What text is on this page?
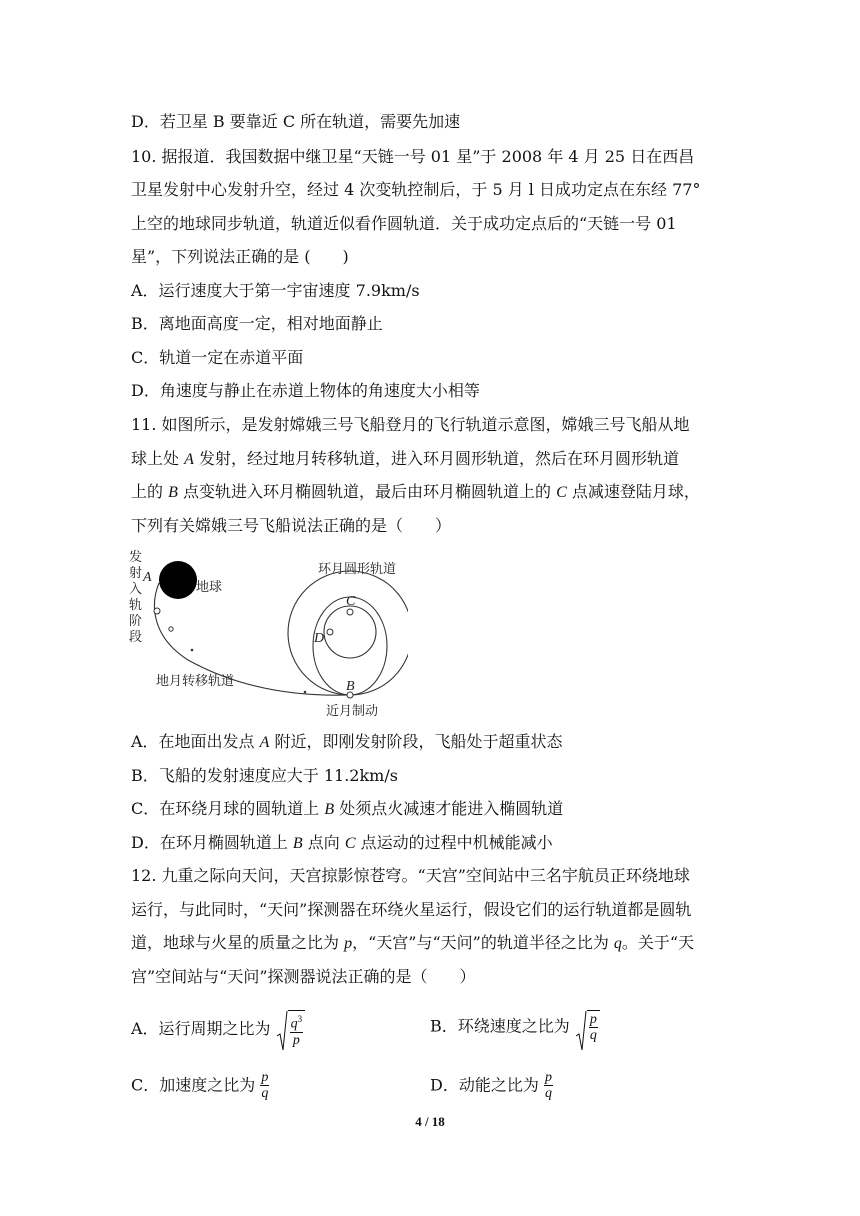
D．若卫星 B 要靠近 C 所在轨道，需要先加速
10. 据报道．我国数据中继卫星“天链一号 01 星”于 2008 年 4 月 25 日在西昌
卫星发射中心发射升空，经过 4 次变轨控制后，于 5 月 l 日成功定点在东经 77°
上空的地球同步轨道，轨道近似看作圆轨道．关于成功定点后的“天链一号 01
星”，下列说法正确的是 (　　)
A．运行速度大于第一宇宙速度 7.9km/s
B．离地面高度一定，相对地面静止
C．轨道一定在赤道平面
D．角速度与静止在赤道上物体的角速度大小相等
11. 如图所示，是发射嫦娥三号飞船登月的飞行轨道示意图，嫦娥三号飞船从地
球上处 A 发射，经过地月转移轨道，进入环月圆形轨道，然后在环月圆形轨道
上的 B 点变轨进入环月椭圆轨道，最后由环月椭圆轨道上的 C 点减速登陆月球，
下列有关嫦娥三号飞船说法正确的是（　　）
发
射
入
轨
阶
段
A
地球
地月转移轨道
环月圆形轨道
C
D
B
近月制动
A．在地面出发点 A 附近，即刚发射阶段，飞船处于超重状态
B．飞船的发射速度应大于 11.2km/s
C．在环绕月球的圆轨道上 B 处须点火减速才能进入椭圆轨道
D．在环月椭圆轨道上 B 点向 C 点运动的过程中机械能减小
12. 九重之际向天问，天宫掠影惊苍穹。“天宫”空间站中三名宇航员正环绕地球
运行，与此同时，“天问”探测器在环绕火星运行，假设它们的运行轨道都是圆轨
道，地球与火星的质量之比为 p，“天宫”与“天问”的轨道半径之比为 q。关于“天
宫”空间站与“天问”探测器说法正确的是（　　）
A．运行周期之比为 $\frac{q^3}{p}$	B．环绕速度之比为 $\frac{p}{q}$
C．加速度之比为 $\frac{p}{q}$	D．动能之比为 $\frac{p}{q}$
4 / 18
